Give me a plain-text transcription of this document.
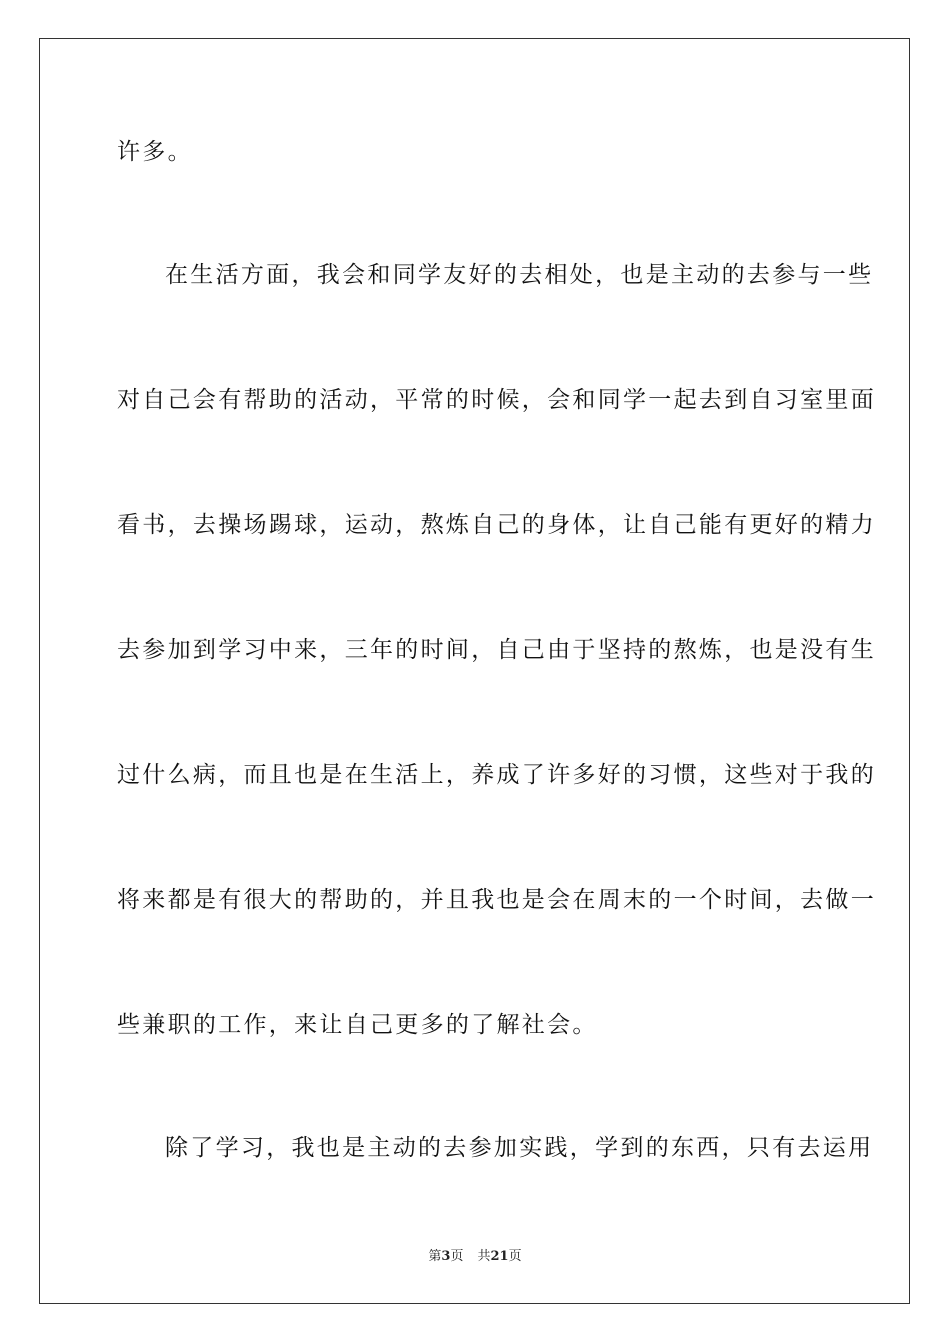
许多。
在生活方面，我会和同学友好的去相处，也是主动的去参与一些
对自己会有帮助的活动，平常的时候，会和同学一起去到自习室里面
看书，去操场踢球，运动，熬炼自己的身体，让自己能有更好的精力
去参加到学习中来，三年的时间，自己由于坚持的熬炼，也是没有生
过什么病，而且也是在生活上，养成了许多好的习惯，这些对于我的
将来都是有很大的帮助的，并且我也是会在周末的一个时间，去做一
些兼职的工作，来让自己更多的了解社会。
除了学习，我也是主动的去参加实践，学到的东西，只有去运用
第3页 共21页
